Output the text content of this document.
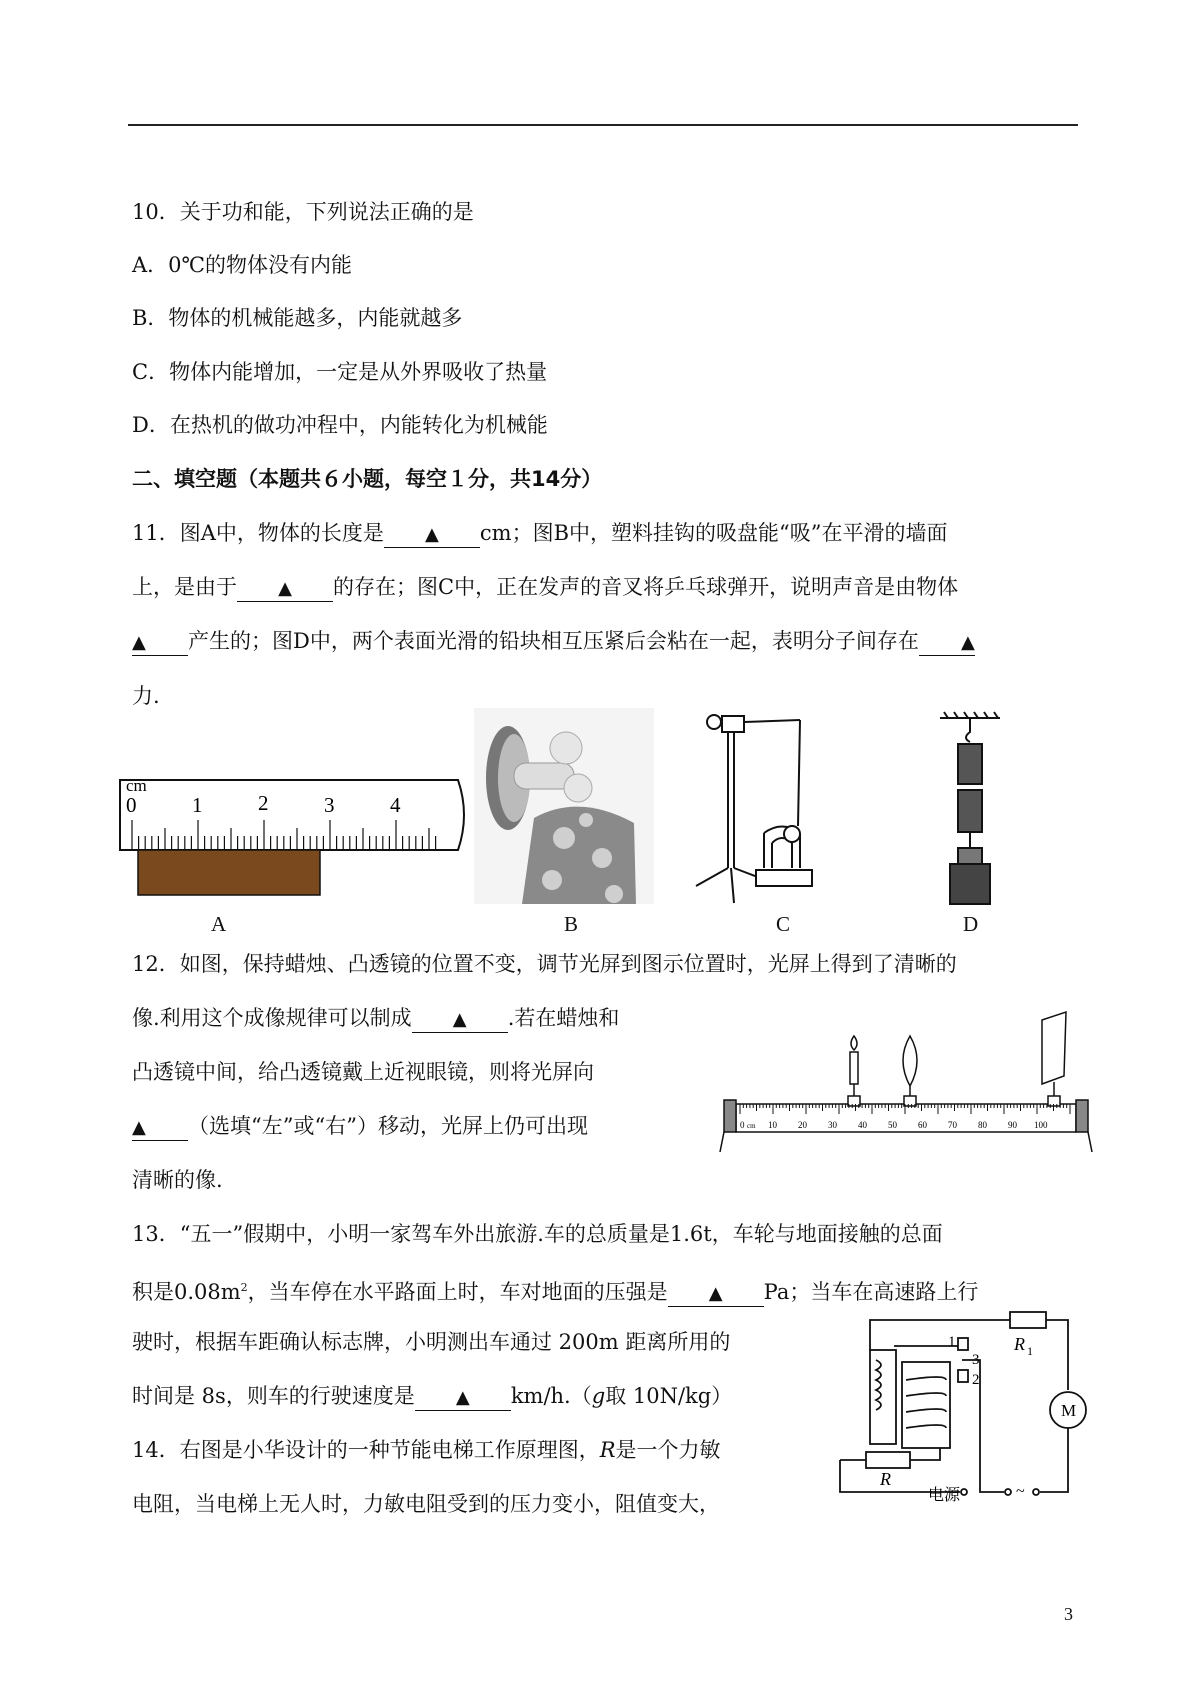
10．关于功和能，下列说法正确的是
A．0℃的物体没有内能
B．物体的机械能越多，内能就越多
C．物体内能增加，一定是从外界吸收了热量
D．在热机的做功冲程中，内能转化为机械能
二、填空题（本题共６小题，每空１分，共14分）
11．图A中，物体的长度是 ▲ cm；图B中，塑料挂钩的吸盘能“吸”在平滑的墙面
上，是由于 ▲ 的存在；图C中，正在发声的音叉将乒乓球弹开，说明声音是由物体
▲ 产生的；图D中，两个表面光滑的铅块相互压紧后会粘在一起，表明分子间存在 ▲
力.
cm
0	1	2	3	4
A	B	C	D
12．如图，保持蜡烛、凸透镜的位置不变，调节光屏到图示位置时，光屏上得到了清晰的
像.利用这个成像规律可以制成 ▲ .若在蜡烛和
凸透镜中间，给凸透镜戴上近视眼镜，则将光屏向
▲ （选填“左”或“右”）移动，光屏上仍可出现
清晰的像.
0 cm 10 20 30 40 50 60 70 80 90 100
13．“五一”假期中，小明一家驾车外出旅游.车的总质量是1.6t，车轮与地面接触的总面
积是$0.08m^2$，当车停在水平路面上时，车对地面的压强是 ▲ Pa；当车在高速路上行
驶时，根据车距确认标志牌，小明测出车通过 200m 距离所用的
时间是 8s，则车的行驶速度是 ▲ km/h.（g取 10N/kg）
14．右图是小华设计的一种节能电梯工作原理图，R是一个力敏
电阻，当电梯上无人时，力敏电阻受到的压力变小，阻值变大，
R 1
1
3
2
M
R
电源	~
3
